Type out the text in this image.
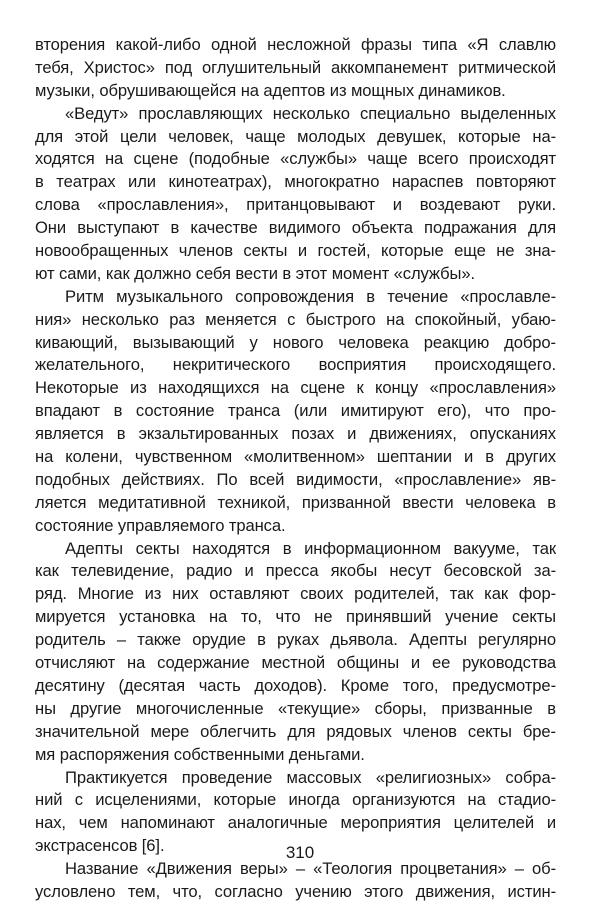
вторения какой-либо одной несложной фразы типа «Я славлю
тебя, Христос» под оглушительный аккомпанемент ритмической
музыки, обрушивающейся на адептов из мощных динамиков.
«Ведут» прославляющих несколько специально выделенных
для этой цели человек, чаще молодых девушек, которые на-
ходятся на сцене (подобные «службы» чаще всего происходят
в театрах или кинотеатрах), многократно нараспев повторяют
слова «прославления», пританцовывают и воздевают руки.
Они выступают в качестве видимого объекта подражания для
новообращенных членов секты и гостей, которые еще не зна-
ют сами, как должно себя вести в этот момент «службы».
Ритм музыкального сопровождения в течение «прославле-
ния» несколько раз меняется с быстрого на спокойный, убаю-
кивающий, вызывающий у нового человека реакцию добро-
желательного, некритического восприятия происходящего.
Некоторые из находящихся на сцене к концу «прославления»
впадают в состояние транса (или имитируют его), что про-
является в экзальтированных позах и движениях, опусканиях
на колени, чувственном «молитвенном» шептании и в других
подобных действиях. По всей видимости, «прославление» яв-
ляется медитативной техникой, призванной ввести человека в
состояние управляемого транса.
Адепты секты находятся в информационном вакууме, так
как телевидение, радио и пресса якобы несут бесовской за-
ряд. Многие из них оставляют своих родителей, так как фор-
мируется установка на то, что не принявший учение секты
родитель – также орудие в руках дьявола. Адепты регулярно
отчисляют на содержание местной общины и ее руководства
десятину (десятая часть доходов). Кроме того, предусмотре-
ны другие многочисленные «текущие» сборы, призванные в
значительной мере облегчить для рядовых членов секты бре-
мя распоряжения собственными деньгами.
Практикуется проведение массовых «религиозных» собра-
ний с исцелениями, которые иногда организуются на стадио-
нах, чем напоминают аналогичные мероприятия целителей и
экстрасенсов [6].
Название «Движения веры» – «Теология процветания» – об-
условлено тем, что, согласно учению этого движения, истин-
310
